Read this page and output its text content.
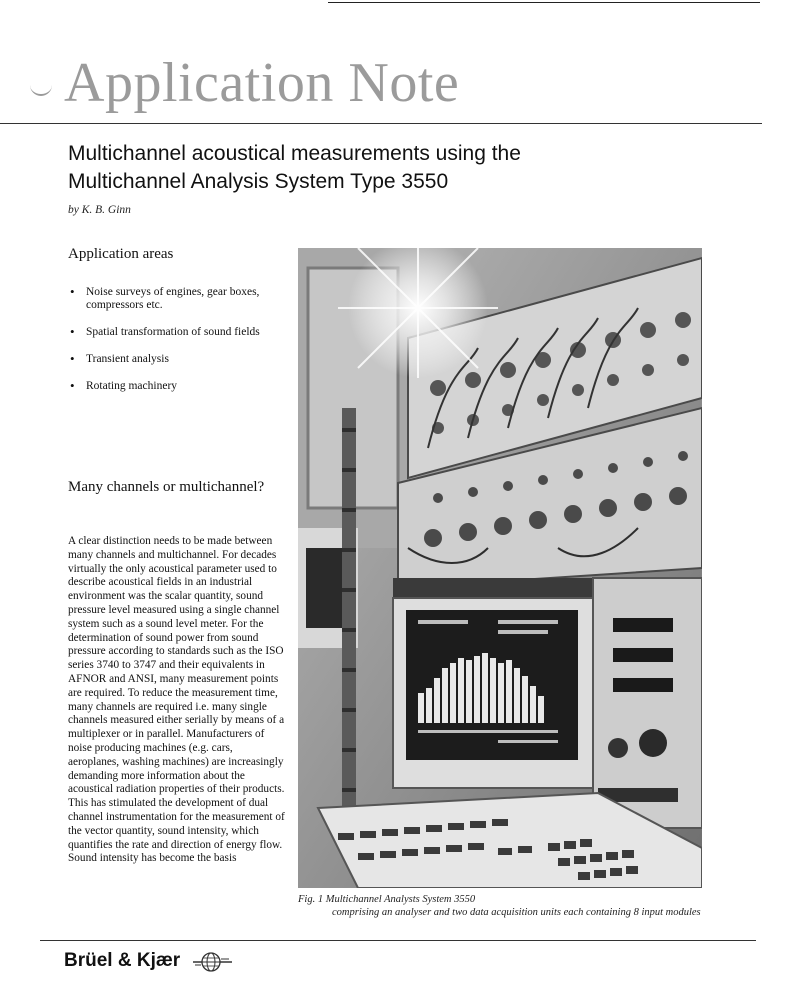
Application Note
Multichannel acoustical measurements using the
Multichannel Analysis System Type 3550
by K. B. Ginn
Application areas
• Noise surveys of engines, gear boxes, compressors etc.
• Spatial transformation of sound fields
• Transient analysis
• Rotating machinery
Many channels or multichannel?
A clear distinction needs to be made between many channels and multichannel. For decades virtually the only acoustical parameter used to describe acoustical fields in an industrial environment was the scalar quantity, sound pressure level measured using a single channel system such as a sound level meter. For the determination of sound power from sound pressure according to standards such as the ISO series 3740 to 3747 and their equivalents in AFNOR and ANSI, many measurement points are required. To reduce the measurement time, many channels are required i.e. many single channels measured either serially by means of a multiplexer or in parallel. Manufacturers of noise producing machines (e.g. cars, aeroplanes, washing machines) are increasingly demanding more information about the acoustical radiation properties of their products. This has stimulated the development of dual channel instrumentation for the measurement of the vector quantity, sound intensity, which quantifies the rate and direction of energy flow. Sound intensity has become the basis
Fig. 1 Multichannel Analysts System 3550
comprising an analyser and two data acquisition units each containing 8 input modules
Brüel & Kjær
